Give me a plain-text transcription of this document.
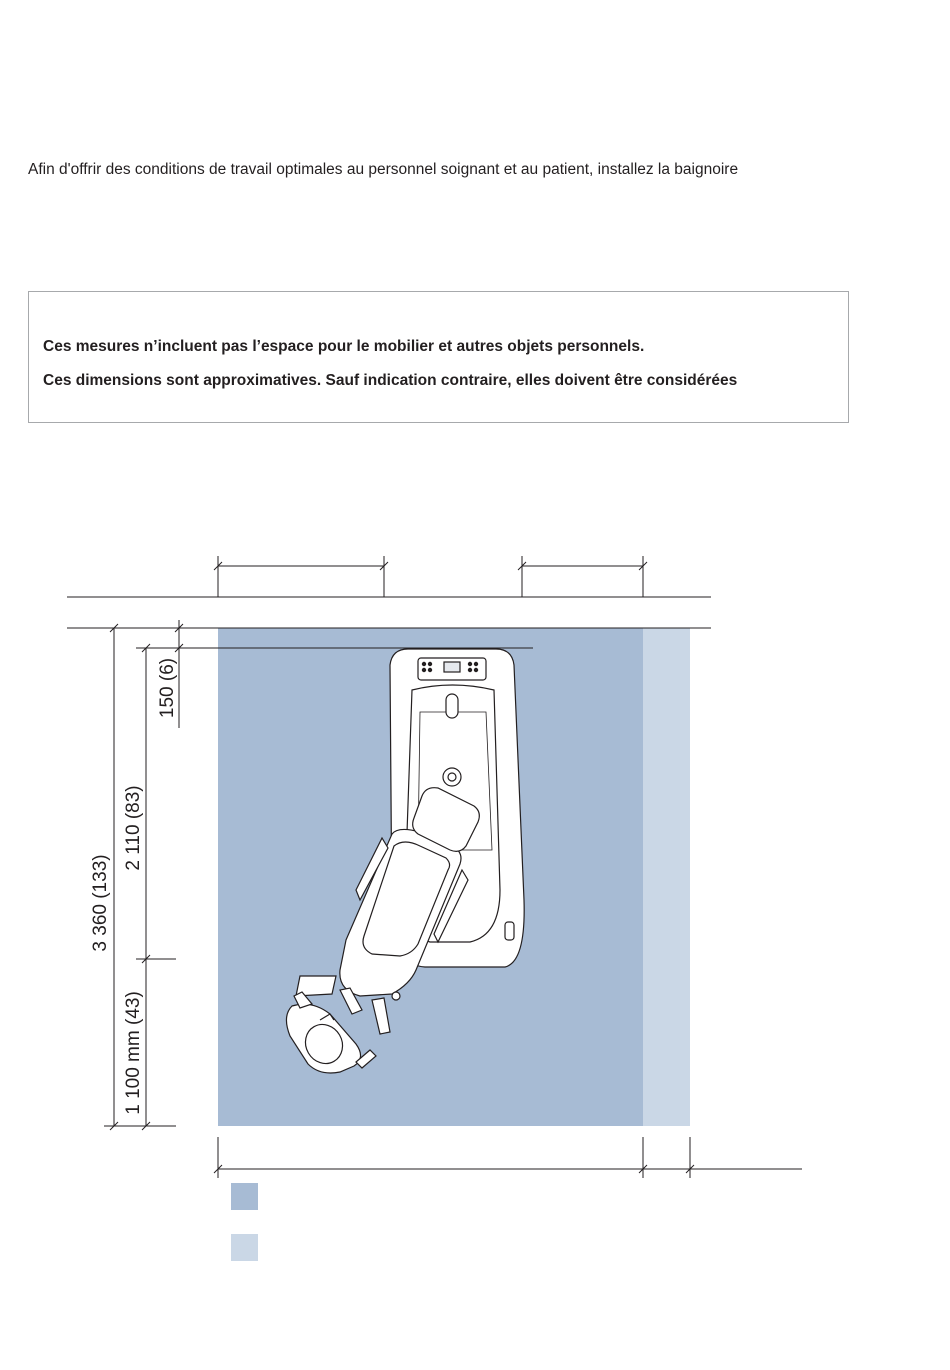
Afin d'offrir des conditions de travail optimales au personnel soignant et au patient, installez la baignoire

Ces mesures n’incluent pas l’espace pour le mobilier et autres objets personnels.

Ces dimensions sont approximatives. Sauf indication contraire, elles doivent être considérées

3 360 (133)
2 110 (83)
150 (6)
1 100 mm (43)
